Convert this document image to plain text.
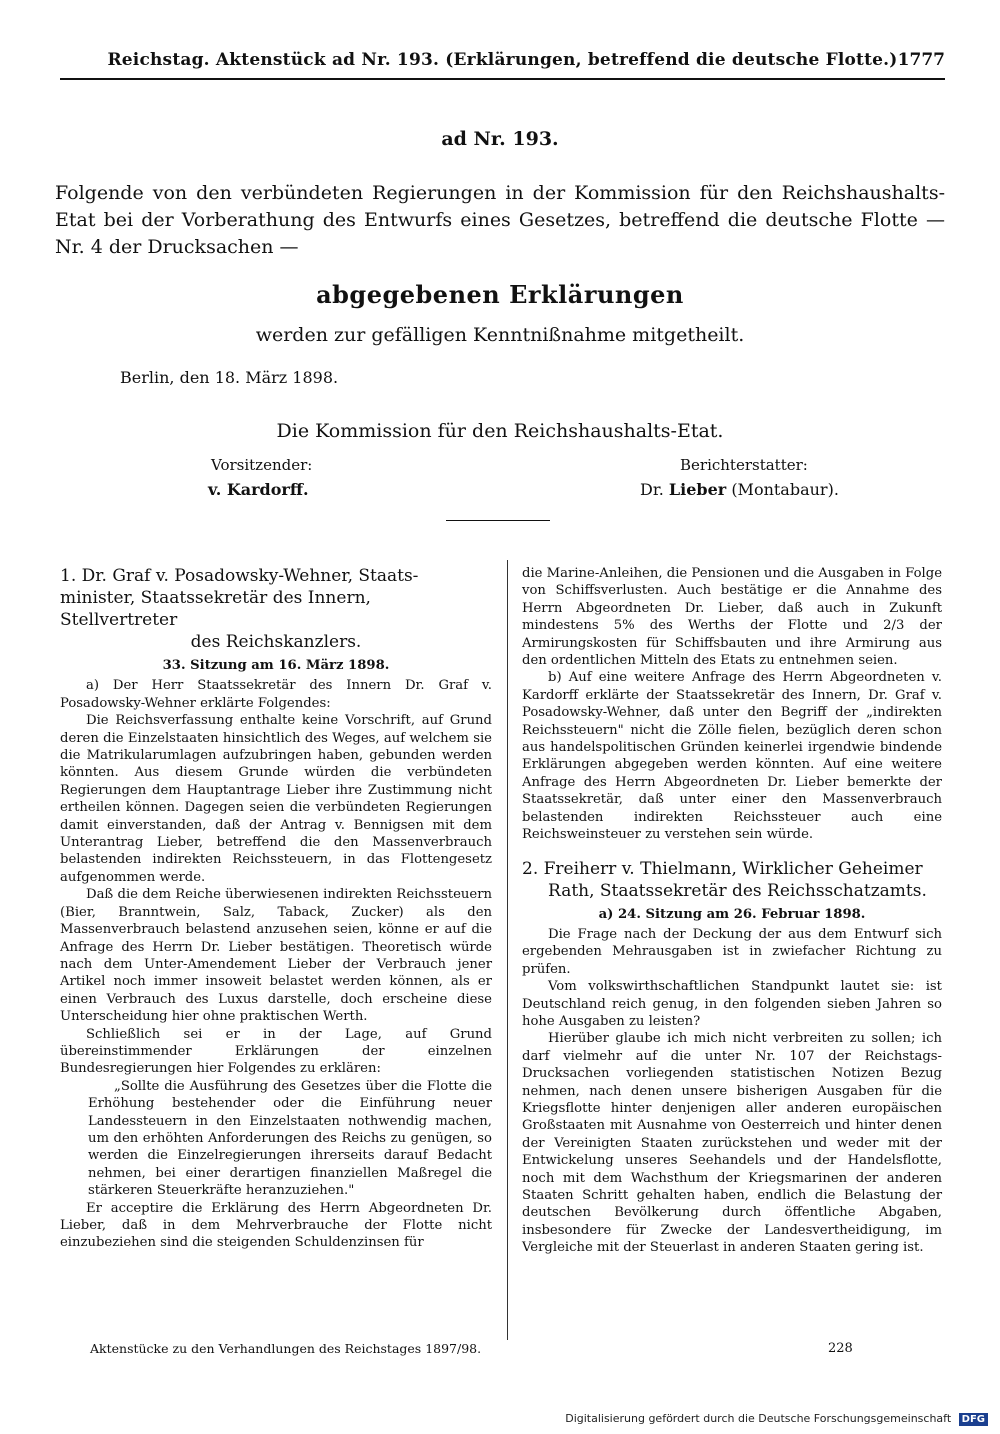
Reichstag. Aktenstück ad Nr. 193. (Erklärungen, betreffend die deutsche Flotte.) 1777
ad Nr. 193.
Folgende von den verbündeten Regierungen in der Kommission für den Reichshaushalts-Etat bei der Vorberathung des Entwurfs eines Gesetzes, betreffend die deutsche Flotte — Nr. 4 der Drucksachen —
abgegebenen Erklärungen
werden zur gefälligen Kenntnißnahme mitgetheilt.
Berlin, den 18. März 1898.
Die Kommission für den Reichshaushalts-Etat.
Vorsitzender:
v. Kardorff.
Berichterstatter:
Dr. Lieber (Montabaur).
1. Dr. Graf v. Posadowsky-Wehner, Staats-
minister, Staatssekretär des Innern, Stellvertreter
des Reichskanzlers.
33. Sitzung am 16. März 1898.

a) Der Herr Staatssekretär des Innern Dr. Graf v. Posadowsky-Wehner erklärte Folgendes:

Die Reichsverfassung enthalte keine Vorschrift, auf Grund deren die Einzelstaaten hinsichtlich des Weges, auf welchem sie die Matrikularumlagen aufzubringen haben, gebunden werden könnten. Aus diesem Grunde würden die verbündeten Regierungen dem Hauptantrage Lieber ihre Zustimmung nicht ertheilen können. Dagegen seien die verbündeten Regierungen damit einverstanden, daß der Antrag v. Bennigsen mit dem Unterantrag Lieber, betreffend die den Massenverbrauch belastenden indirekten Reichssteuern, in das Flottengesetz aufgenommen werde.

Daß die dem Reiche überwiesenen indirekten Reichssteuern (Bier, Branntwein, Salz, Taback, Zucker) als den Massenverbrauch belastend anzusehen seien, könne er auf die Anfrage des Herrn Dr. Lieber bestätigen. Theoretisch würde nach dem Unter-Amendement Lieber der Verbrauch jener Artikel noch immer insoweit belastet werden können, als er einen Verbrauch des Luxus darstelle, doch erscheine diese Unterscheidung hier ohne praktischen Werth.

Schließlich sei er in der Lage, auf Grund übereinstimmender Erklärungen der einzelnen Bundesregierungen hier Folgendes zu erklären:

„Sollte die Ausführung des Gesetzes über die Flotte die Erhöhung bestehender oder die Einführung neuer Landessteuern in den Einzelstaaten nothwendig machen, um den erhöhten Anforderungen des Reichs zu genügen, so werden die Einzelregierungen ihrerseits darauf Bedacht nehmen, bei einer derartigen finanziellen Maßregel die stärkeren Steuerkräfte heranzuziehen."

Er acceptire die Erklärung des Herrn Abgeordneten Dr. Lieber, daß in dem Mehrverbrauche der Flotte nicht einzubeziehen sind die steigenden Schuldenzinsen für

die Marine-Anleihen, die Pensionen und die Ausgaben in Folge von Schiffsverlusten. Auch bestätige er die Annahme des Herrn Abgeordneten Dr. Lieber, daß auch in Zukunft mindestens 5% des Werths der Flotte und 2/3 der Armirungskosten für Schiffsbauten und ihre Armirung aus den ordentlichen Mitteln des Etats zu entnehmen seien.

b) Auf eine weitere Anfrage des Herrn Abgeordneten v. Kardorff erklärte der Staatssekretär des Innern, Dr. Graf v. Posadowsky-Wehner, daß unter den Begriff der „indirekten Reichssteuern" nicht die Zölle fielen, bezüglich deren schon aus handelspolitischen Gründen keinerlei irgendwie bindende Erklärungen abgegeben werden könnten. Auf eine weitere Anfrage des Herrn Abgeordneten Dr. Lieber bemerkte der Staatssekretär, daß unter einer den Massenverbrauch belastenden indirekten Reichssteuer auch eine Reichsweinsteuer zu verstehen sein würde.

2. Freiherr v. Thielmann, Wirklicher Geheimer
Rath, Staatssekretär des Reichsschatzamts.
a) 24. Sitzung am 26. Februar 1898.

Die Frage nach der Deckung der aus dem Entwurf sich ergebenden Mehrausgaben ist in zwiefacher Richtung zu prüfen.

Vom volkswirthschaftlichen Standpunkt lautet sie: ist Deutschland reich genug, in den folgenden sieben Jahren so hohe Ausgaben zu leisten?

Hierüber glaube ich mich nicht verbreiten zu sollen; ich darf vielmehr auf die unter Nr. 107 der Reichstags-Drucksachen vorliegenden statistischen Notizen Bezug nehmen, nach denen unsere bisherigen Ausgaben für die Kriegsflotte hinter denjenigen aller anderen europäischen Großstaaten mit Ausnahme von Oesterreich und hinter denen der Vereinigten Staaten zurückstehen und weder mit der Entwickelung unseres Seehandels und der Handelsflotte, noch mit dem Wachsthum der Kriegsmarinen der anderen Staaten Schritt gehalten haben, endlich die Belastung der deutschen Bevölkerung durch öffentliche Abgaben, insbesondere für Zwecke der Landesvertheidigung, im Vergleiche mit der Steuerlast in anderen Staaten gering ist.

Aktenstücke zu den Verhandlungen des Reichstages 1897/98.	228
Digitalisierung gefördert durch die Deutsche Forschungsgemeinschaft DFG
